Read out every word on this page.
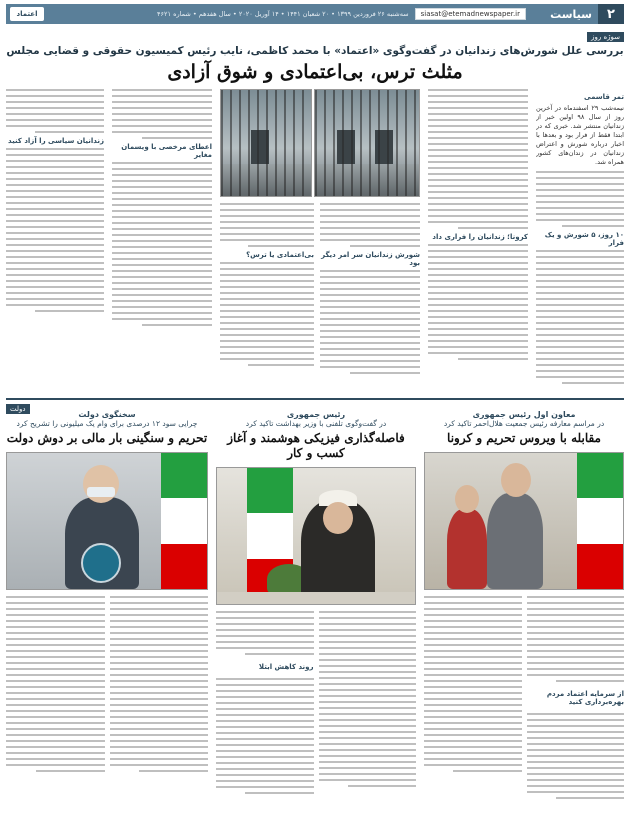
۲
سیاست
siasat@etemadnewspaper.ir
سه‌شنبه ۲۶ فروردین ۱۳۹۹ • ۲۰ شعبان ۱۴۴۱ • ۱۴ آوریل ۲۰۲۰ • سال هفدهم • شماره ۴۶۲۱
اعتماد
سوژه روز
بررسی علل شورش‌های زندانیان در گفت‌وگوی «اعتماد» با محمد کاظمی، نایب رئیس کمیسیون حقوقی و قضایی مجلس
مثلث ترس، بی‌اعتمادی و شوق آزادی
تمر قاسمی
نیمه‌شب ۲۹ اسفندماه در آخرین روز از سال ۹۸ اولین خبر از زندانیان منتشر شد. خبری که در ابتدا فقط از فرار بود و بعدها با اخبار درباره شورش و اعتراض زندانیان در زندان‌های کشور همراه شد.
۱۰ روز، ۵ شورش و یک فرار
کرونا؛ زندانیان را فراری داد
شورش زندانیان سر امر دیگر بود
بی‌اعتمادی یا ترس؟
اعطای مرخصی با ویسمان مغایر
زندانیان سیاسی را آزاد کنید
دولت
معاون اول رئیس جمهوری
در مراسم معارفه رئیس جمعیت هلال‌احمر تاکید کرد
مقابله با ویروس تحریم و کرونا
از سرمایه اعتماد مردم بهره‌برداری کنید
رئیس جمهوری
در گفت‌وگوی تلفنی با وزیر بهداشت تاکید کرد
فاصله‌گذاری فیزیکی هوشمند و آغاز کسب و کار
روند کاهش ابتلا
سخنگوی دولت
چرایی سود ۱۲ درصدی برای وام یک میلیونی را تشریح کرد
تحریم و سنگینی بار مالی بر دوش دولت
